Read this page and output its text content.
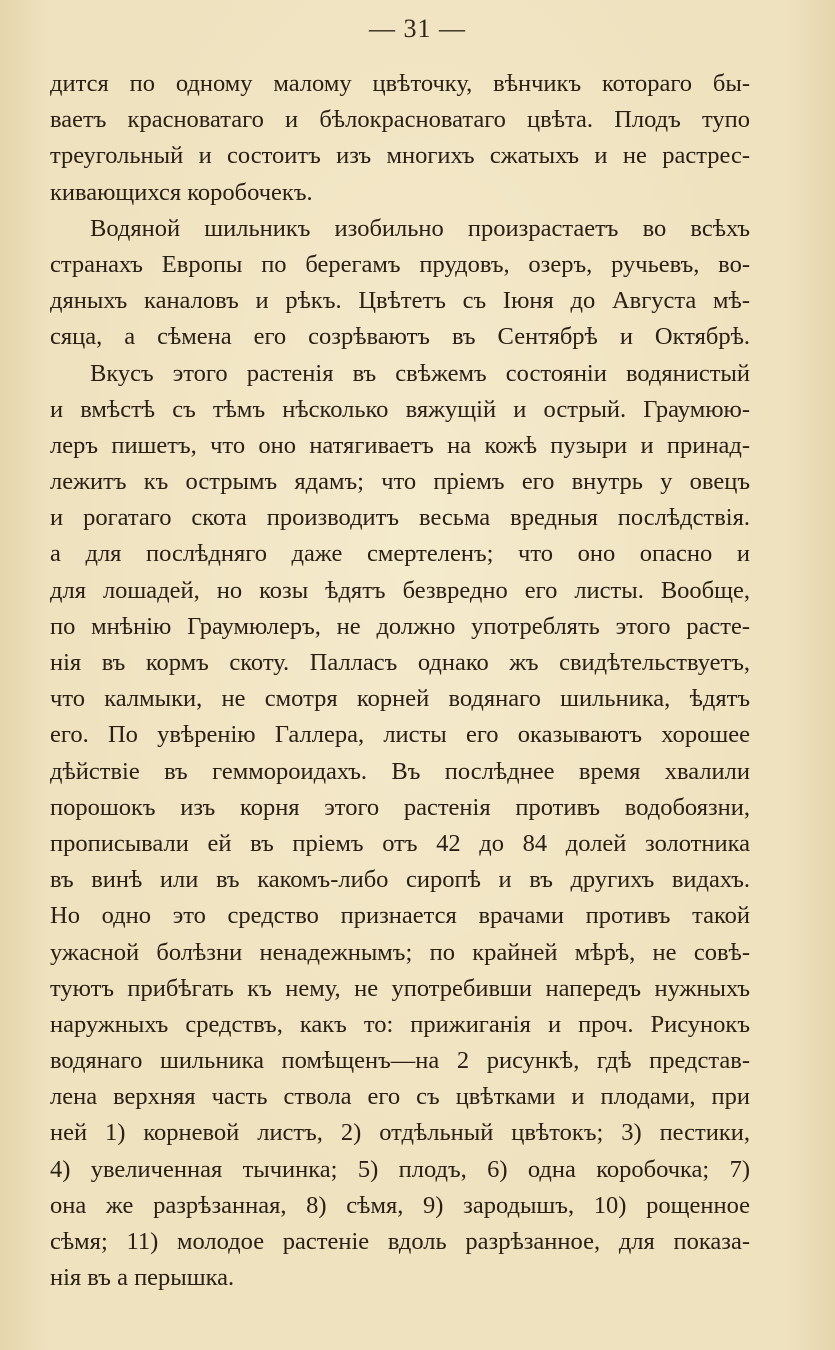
— 31 —
дится по одному малому цвѣточку, вѣнчикъ котораго бы-
ваетъ красноватаго и бѣлокрасноватаго цвѣта. Плодъ тупо
треугольный и состоитъ изъ многихъ сжатыхъ и не растрес-
кивающихся коробочекъ.
Водяной шильникъ изобильно произрастаетъ во всѣхъ
странахъ Европы по берегамъ прудовъ, озеръ, ручьевъ, во-
дяныхъ каналовъ и рѣкъ. Цвѣтетъ съ Іюня до Августа мѣ-
сяца, а сѣмена его созрѣваютъ въ Сентябрѣ и Октябрѣ.
Вкусъ этого растенія въ свѣжемъ состояніи водянистый
и вмѣстѣ съ тѣмъ нѣсколько вяжущій и острый. Граумюю-
леръ пишетъ, что оно натягиваетъ на кожѣ пузыри и принад-
лежитъ къ острымъ ядамъ; что пріемъ его внутрь у овецъ
и рогатаго скота производитъ весьма вредныя послѣдствія.
а для послѣдняго даже смертеленъ; что оно опасно и
для лошадей, но козы ѣдятъ безвредно его листы. Вообще,
по мнѣнію Граумюлеръ, не должно употреблять этого расте-
нія въ кормъ скоту. Палласъ однако жъ свидѣтельствуетъ,
что калмыки, не смотря корней водянаго шильника, ѣдятъ
его. По увѣренію Галлера, листы его оказываютъ хорошее
дѣйствіе въ геммороидахъ. Въ послѣднее время хвалили
порошокъ изъ корня этого растенія противъ водобоязни,
прописывали ей въ пріемъ отъ 42 до 84 долей золотника
въ винѣ или въ какомъ-либо сиропѣ и въ другихъ видахъ.
Но одно это средство признается врачами противъ такой
ужасной болѣзни ненадежнымъ; по крайней мѣрѣ, не совѣ-
туютъ прибѣгать къ нему, не употребивши напередъ нужныхъ
наружныхъ средствъ, какъ то: прижиганія и проч. Рисунокъ
водянаго шильника помѣщенъ—на 2 рисункѣ, гдѣ представ-
лена верхняя часть ствола его съ цвѣтками и плодами, при
ней 1) корневой листъ, 2) отдѣльный цвѣтокъ; 3) пестики,
4) увеличенная тычинка; 5) плодъ, 6) одна коробочка; 7)
она же разрѣзанная, 8) сѣмя, 9) зародышъ, 10) рощенное
сѣмя; 11) молодое растеніе вдоль разрѣзанное, для показа-
нія въ а перышка.
